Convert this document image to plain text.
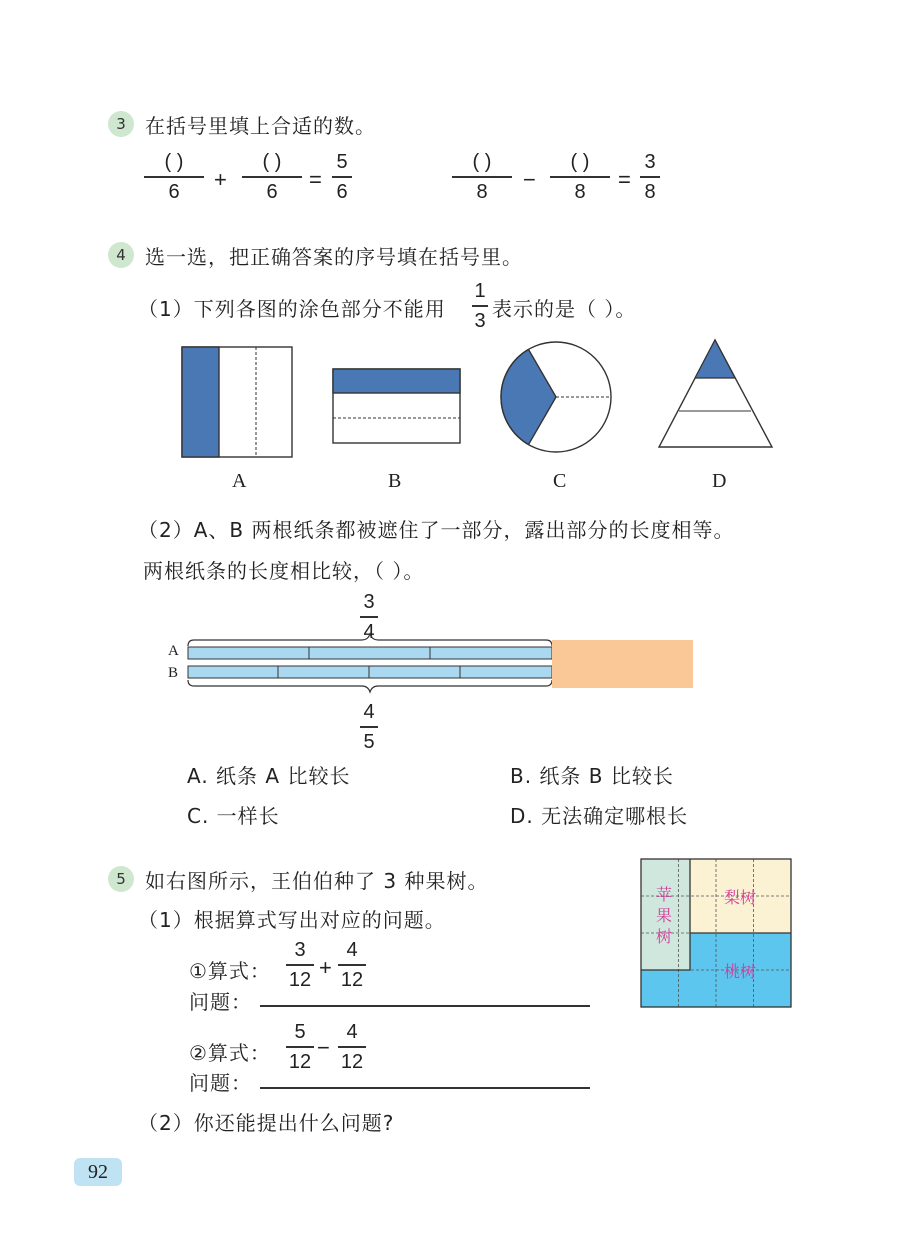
3 在括号里填上合适的数。
( )
6 +
( )
6 =
5
6
( )
8 −
( )
8 =
3
8
4 选一选，把正确答案的序号填在括号里。
（1）下列各图的涂色部分不能用
1
3 表示的是（ ）。
A	B	C	D
（2）A、B 两根纸条都被遮住了一部分，露出部分的长度相等。
两根纸条的长度相比较，（ ）。
3
4
4
5
A
B
A. 纸条 A 比较长	B. 纸条 B 比较长
C. 一样长	D. 无法确定哪根长
5 如右图所示，王伯伯种了 3 种果树。
（1）根据算式写出对应的问题。
①算式：
3
12 +
4
12
问题：
②算式：
5
12
−
4
12
问题：
（2）你还能提出什么问题?
苹
果
树
梨树
桃树
92
